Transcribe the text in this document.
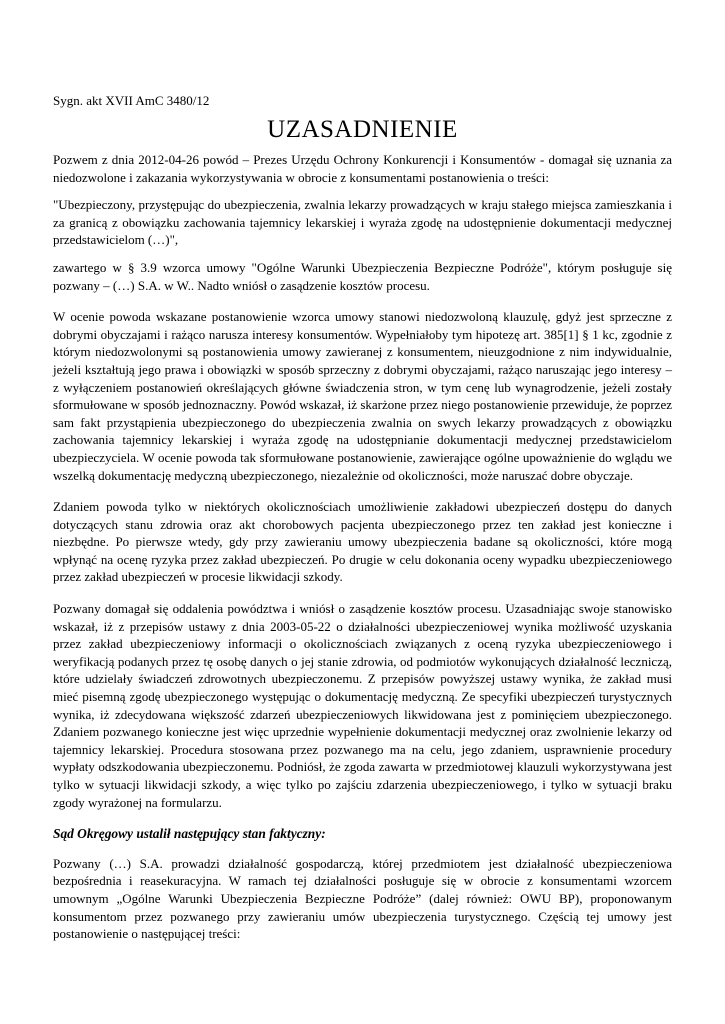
Sygn. akt XVII AmC 3480/12
UZASADNIENIE

Pozwem z dnia 2012-04-26 powód – Prezes Urzędu Ochrony Konkurencji i Konsumentów - domagał się uznania za niedozwolone i zakazania wykorzystywania w obrocie z konsumentami postanowienia o treści:

"Ubezpieczony, przystępując do ubezpieczenia, zwalnia lekarzy prowadzących w kraju stałego miejsca zamieszkania i za granicą z obowiązku zachowania tajemnicy lekarskiej i wyraża zgodę na udostępnienie dokumentacji medycznej przedstawicielom (…)",

zawartego w § 3.9 wzorca umowy "Ogólne Warunki Ubezpieczenia Bezpieczne Podróże", którym posługuje się pozwany – (…) S.A. w W.. Nadto wniósł o zasądzenie kosztów procesu.

W ocenie powoda wskazane postanowienie wzorca umowy stanowi niedozwoloną klauzulę, gdyż jest sprzeczne z dobrymi obyczajami i rażąco narusza interesy konsumentów. Wypełniałoby tym hipotezę art. 385[1] § 1 kc, zgodnie z którym niedozwolonymi są postanowienia umowy zawieranej z konsumentem, nieuzgodnione z nim indywidualnie, jeżeli kształtują jego prawa i obowiązki w sposób sprzeczny z dobrymi obyczajami, rażąco naruszając jego interesy – z wyłączeniem postanowień określających główne świadczenia stron, w tym cenę lub wynagrodzenie, jeżeli zostały sformułowane w sposób jednoznaczny. Powód wskazał, iż skarżone przez niego postanowienie przewiduje, że poprzez sam fakt przystąpienia ubezpieczonego do ubezpieczenia zwalnia on swych lekarzy prowadzących z obowiązku zachowania tajemnicy lekarskiej i wyraża zgodę na udostępnianie dokumentacji medycznej przedstawicielom ubezpieczyciela. W ocenie powoda tak sformułowane postanowienie, zawierające ogólne upoważnienie do wglądu we wszelką dokumentację medyczną ubezpieczonego, niezależnie od okoliczności, może naruszać dobre obyczaje.

Zdaniem powoda tylko w niektórych okolicznościach umożliwienie zakładowi ubezpieczeń dostępu do danych dotyczących stanu zdrowia oraz akt chorobowych pacjenta ubezpieczonego przez ten zakład jest konieczne i niezbędne. Po pierwsze wtedy, gdy przy zawieraniu umowy ubezpieczenia badane są okoliczności, które mogą wpłynąć na ocenę ryzyka przez zakład ubezpieczeń. Po drugie w celu dokonania oceny wypadku ubezpieczeniowego przez zakład ubezpieczeń w procesie likwidacji szkody.

Pozwany domagał się oddalenia powództwa i wniósł o zasądzenie kosztów procesu. Uzasadniając swoje stanowisko wskazał, iż z przepisów ustawy z dnia 2003-05-22 o działalności ubezpieczeniowej wynika możliwość uzyskania przez zakład ubezpieczeniowy informacji o okolicznościach związanych z oceną ryzyka ubezpieczeniowego i weryfikacją podanych przez tę osobę danych o jej stanie zdrowia, od podmiotów wykonujących działalność leczniczą, które udzielały świadczeń zdrowotnych ubezpieczonemu. Z przepisów powyższej ustawy wynika, że zakład musi mieć pisemną zgodę ubezpieczonego występując o dokumentację medyczną. Ze specyfiki ubezpieczeń turystycznych wynika, iż zdecydowana większość zdarzeń ubezpieczeniowych likwidowana jest z pominięciem ubezpieczonego. Zdaniem pozwanego konieczne jest więc uprzednie wypełnienie dokumentacji medycznej oraz zwolnienie lekarzy od tajemnicy lekarskiej. Procedura stosowana przez pozwanego ma na celu, jego zdaniem, usprawnienie procedury wypłaty odszkodowania ubezpieczonemu. Podniósł, że zgoda zawarta w przedmiotowej klauzuli wykorzystywana jest tylko w sytuacji likwidacji szkody, a więc tylko po zajściu zdarzenia ubezpieczeniowego, i tylko w sytuacji braku zgody wyrażonej na formularzu.

Sąd Okręgowy ustalił następujący stan faktyczny:

Pozwany (…) S.A. prowadzi działalność gospodarczą, której przedmiotem jest działalność ubezpieczeniowa bezpośrednia i reasekuracyjna. W ramach tej działalności posługuje się w obrocie z konsumentami wzorcem umownym „Ogólne Warunki Ubezpieczenia Bezpieczne Podróże” (dalej również: OWU BP), proponowanym konsumentom przez pozwanego przy zawieraniu umów ubezpieczenia turystycznego. Częścią tej umowy jest postanowienie o następującej treści:
